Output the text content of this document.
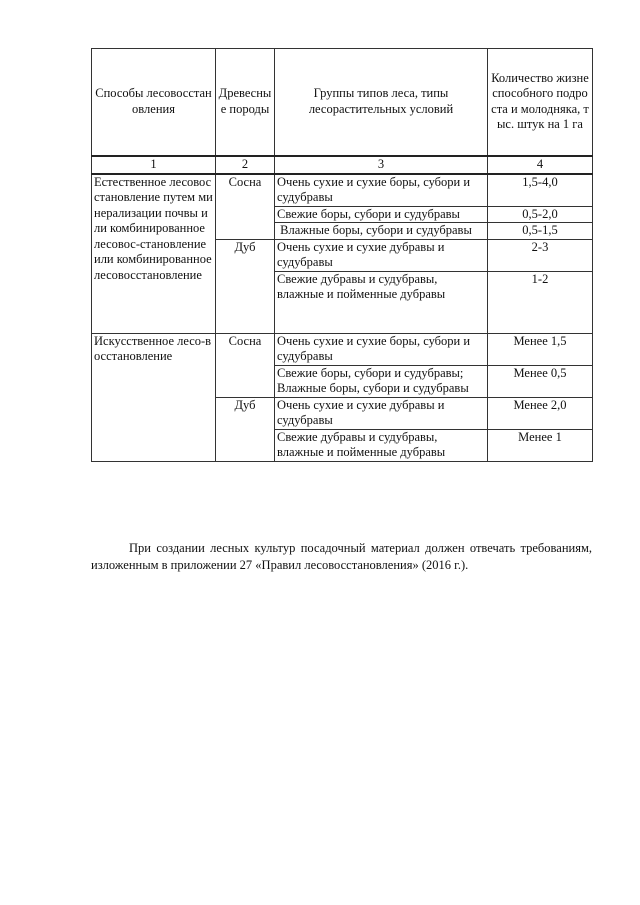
Способы лесовосстановления	Древесные породы	Группы типов леса, типы лесорастительных условий	Количество жизнеспособного подроста и молодняка, тыс. штук на 1 га
1	2	3	4
Естественное лесовосстановление путем минерализации почвы или комбинированное лесовос-становление или комбинированное лесовосстановление	Сосна	Очень сухие и сухие боры, субори и судубравы	1,5-4,0
		Свежие боры, субори и судубравы	0,5-2,0
		Влажные боры, субори и судубравы	0,5-1,5
	Дуб	Очень сухие и сухие дубравы и судубравы	2-3
		Свежие дубравы и судубравы, влажные и пойменные дубравы	1-2
Искусственное лесо-восстановление	Сосна	Очень сухие и сухие боры, субори и судубравы	Менее 1,5
		Свежие боры, субори и судубравы; Влажные боры, субори и судубравы	Менее 0,5
	Дуб	Очень сухие и сухие дубравы и судубравы	Менее 2,0
		Свежие дубравы и судубравы, влажные и пойменные дубравы	Менее 1

При создании лесных культур посадочный материал должен отвечать требованиям, изложенным в приложении 27 «Правил лесовосстановления» (2016 г.).
